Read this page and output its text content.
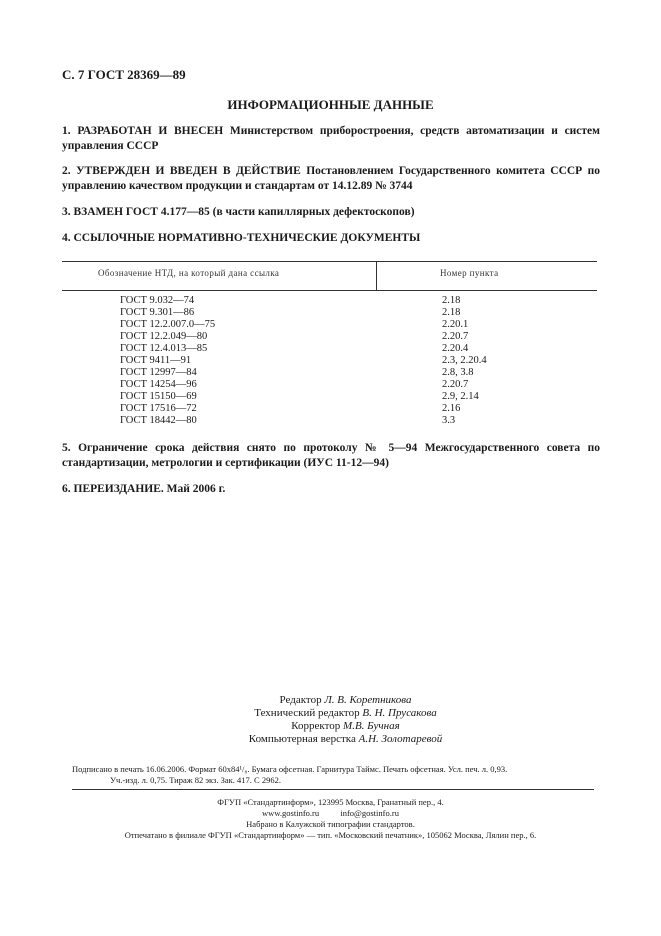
С. 7 ГОСТ 28369—89
ИНФОРМАЦИОННЫЕ ДАННЫЕ
1. РАЗРАБОТАН И ВНЕСЕН Министерством приборостроения, средств автоматизации и систем управления СССР
2. УТВЕРЖДЕН И ВВЕДЕН В ДЕЙСТВИЕ Постановлением Государственного комитета СССР по управлению качеством продукции и стандартам от 14.12.89 № 3744
3. ВЗАМЕН ГОСТ 4.177—85 (в части капиллярных дефектоскопов)
4. ССЫЛОЧНЫЕ НОРМАТИВНО-ТЕХНИЧЕСКИЕ ДОКУМЕНТЫ
Обозначение НТД, на который дана ссылка	Номер пункта
ГОСТ 9.032—74
ГОСТ 9.301—86
ГОСТ 12.2.007.0—75
ГОСТ 12.2.049—80
ГОСТ 12.4.013—85
ГОСТ 9411—91
ГОСТ 12997—84
ГОСТ 14254—96
ГОСТ 15150—69
ГОСТ 17516—72
ГОСТ 18442—80
2.18
2.18
2.20.1
2.20.7
2.20.4
2.3, 2.20.4
2.8, 3.8
2.20.7
2.9, 2.14
2.16
3.3
5. Ограничение срока действия снято по протоколу № 5—94 Межгосударственного совета по стандартизации, метрологии и сертификации (ИУС 11-12—94)
6. ПЕРЕИЗДАНИЕ. Май 2006 г.
Редактор Л. В. Коретникова
Технический редактор В. Н. Прусакова
Корректор М.В. Бучная
Компьютерная верстка А.Н. Золотаревой
Подписано в печать 16.06.2006. Формат 60x84¹/₈. Бумага офсетная. Гарнитура Таймс. Печать офсетная. Усл. печ. л. 0,93.
Уч.-изд. л. 0,75. Тираж 82 экз. Зак. 417. С 2962.
ФГУП «Стандартинформ», 123995 Москва, Гранатный пер., 4.
www.gostinfo.ru          info@gostinfo.ru
Набрано в Калужской типографии стандартов.
Отпечатано в филиале ФГУП «Стандартинформ» — тип. «Московский печатник», 105062 Москва, Лялин пер., 6.
